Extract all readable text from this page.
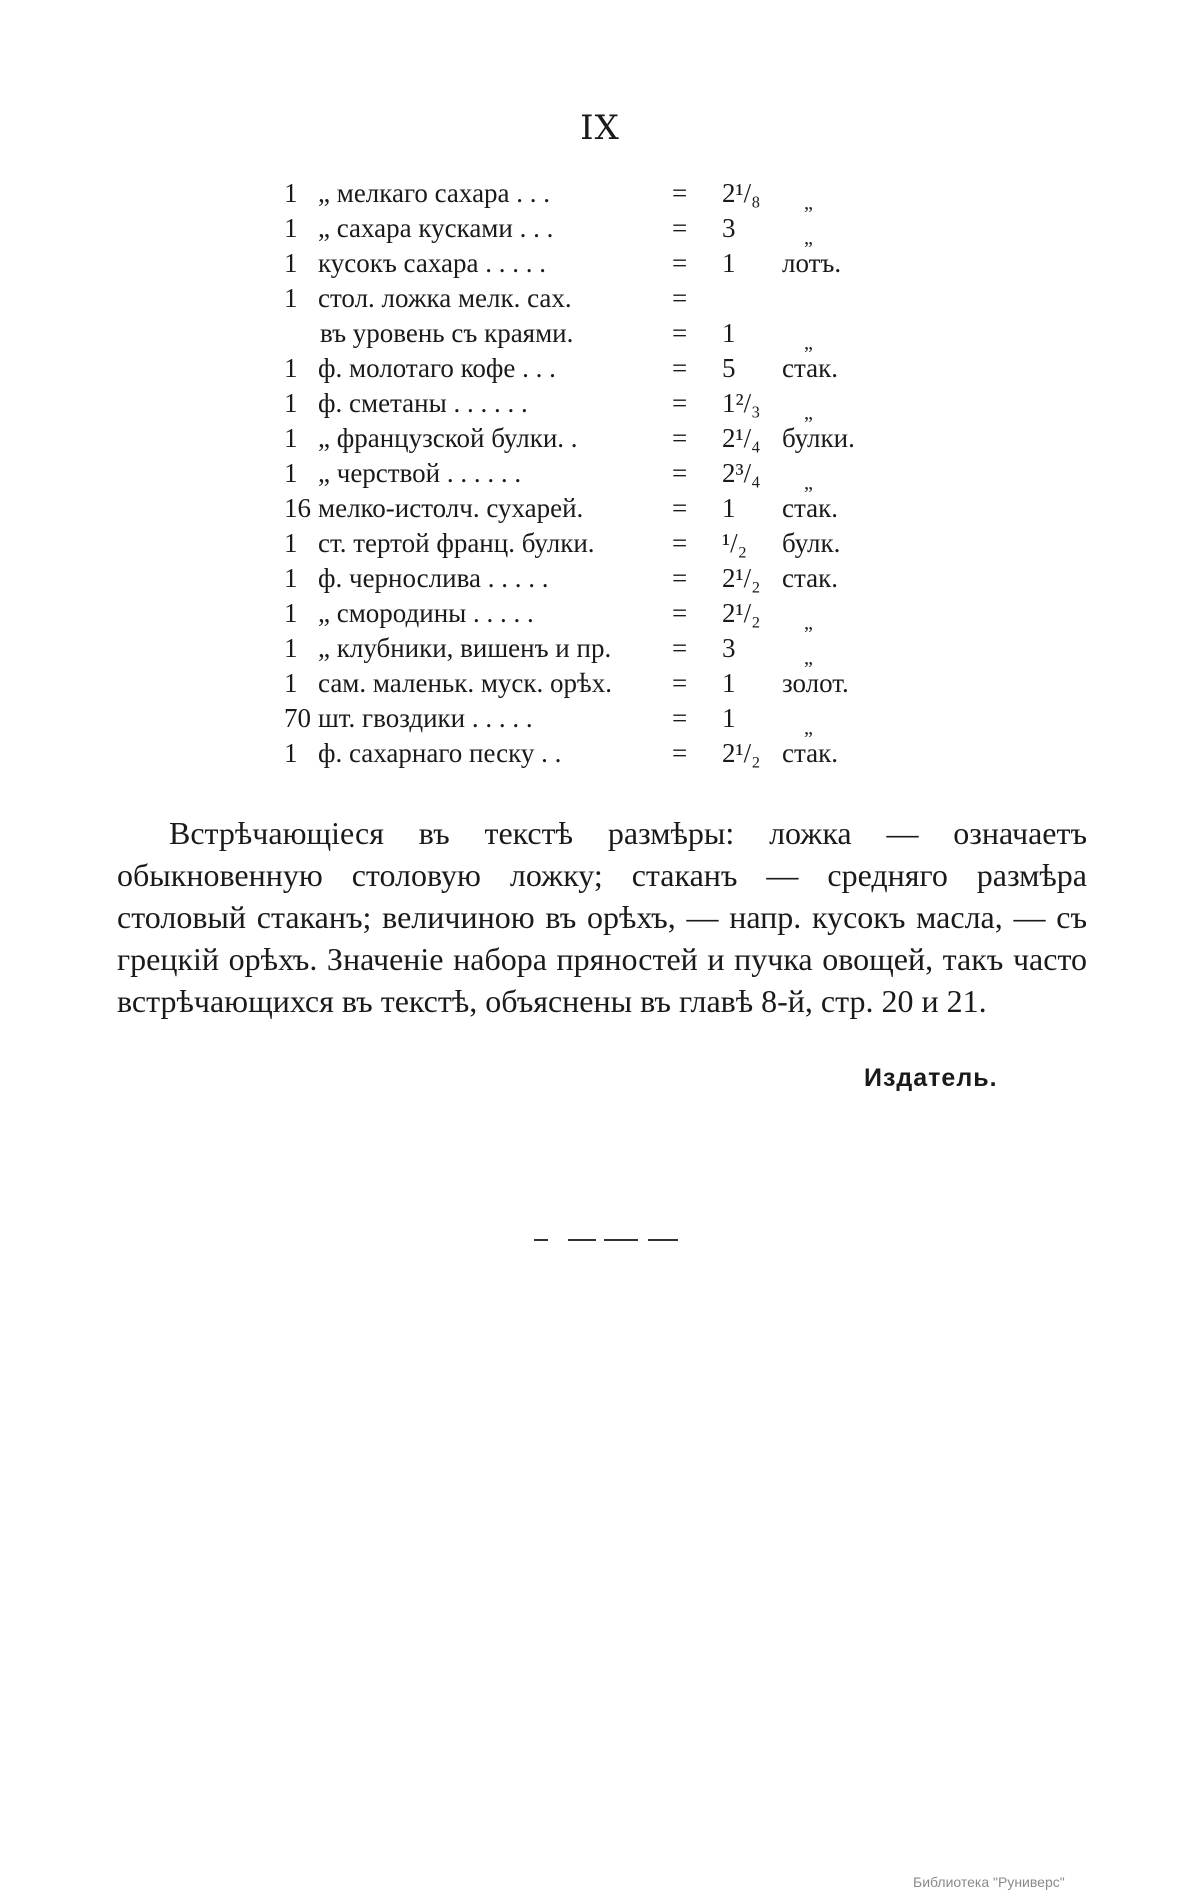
IX
1 „ мелкаго сахара . . .	= 2¹/₈ „
1 „ сахара кусками . . .	= 3	„
1 кусокъ сахара . . . . .	= 1 лотъ.
1 стол. ложка мелк. сах.	=
въ уровень съ краями.	= 1	„
1 ф. молотаго кофе . . .	= 5 стак.
1 ф. сметаны . . . . . .	= 1²/₃ „
1 „ французской булки. .	= 2¹/₄ булки.
1 „ черствой . . . . . .	= 2³/₄ „
16 мелко-истолч. сухарей.	= 1 стак.
1 ст. тертой франц. булки.	= ¹/₂ булк.
1 ф. чернослива . . . . .	= 2¹/₂ стак.
1 „ смородины . . . . .	= 2¹/₂ „
1 „ клубники, вишенъ и пр. = 3	„
1 сам. маленьк. муск. орѣх. = 1 золот.
70 шт. гвоздики . . . . .	= 1	„
1 ф. сахарнаго песку . .	= 2¹/₂ стак.

Встрѣчающiеся въ текстѣ размѣры: ложка — означаетъ обыкновенную столовую ложку; стаканъ — средняго размѣра столовый стаканъ; величиною въ орѣхъ, — напр. кусокъ масла, — съ грецкiй орѣхъ. Значенiе набора пряностей и пучка овощей, такъ часто встрѣчающихся въ текстѣ, объяснены въ главѣ 8-й, стр. 20 и 21.

Издатель.
Библиотека "Руниверс"
